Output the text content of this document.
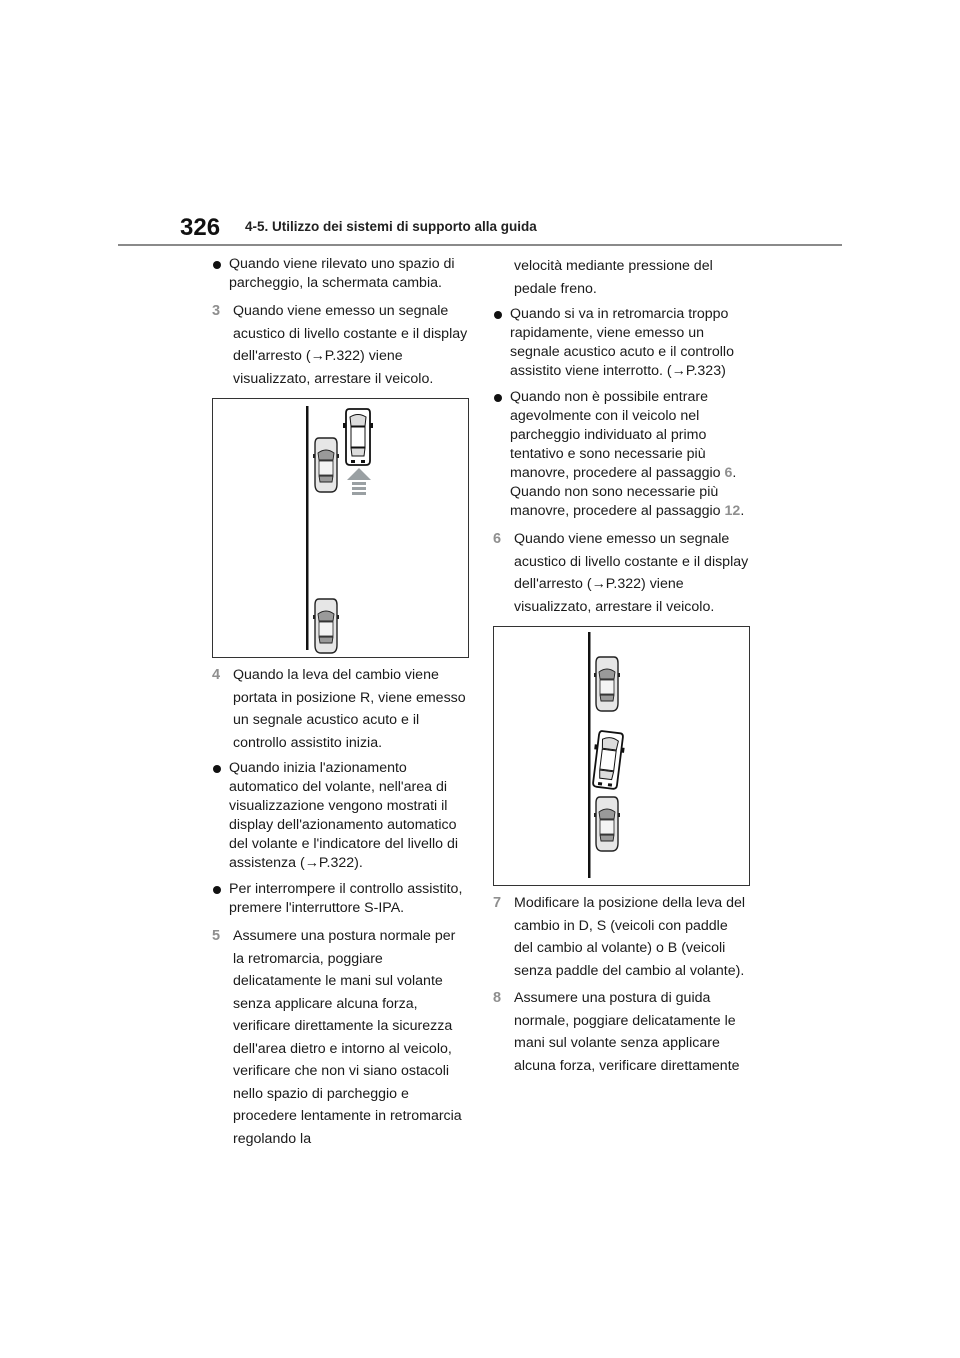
326 4-5. Utilizzo dei sistemi di supporto alla guida
Quando viene rilevato uno spazio di parcheggio, la schermata cambia.
3 Quando viene emesso un segnale acustico di livello costante e il display dell'arresto (→P.322) viene visualizzato, arrestare il veicolo.
4 Quando la leva del cambio viene portata in posizione R, viene emesso un segnale acustico acuto e il controllo assistito inizia.
Quando inizia l'azionamento automatico del volante, nell'area di visualizzazione vengono mostrati il display dell'azionamento automatico del volante e l'indicatore del livello di assistenza (→P.322).
Per interrompere il controllo assistito, premere l'interruttore S-IPA.
5 Assumere una postura normale per la retromarcia, poggiare delicatamente le mani sul volante senza applicare alcuna forza, verificare direttamente la sicurezza dell'area dietro e intorno al veicolo, verificare che non vi siano ostacoli nello spazio di parcheggio e procedere lentamente in retromarcia regolando la
velocità mediante pressione del pedale freno.
Quando si va in retromarcia troppo rapidamente, viene emesso un segnale acustico acuto e il controllo assistito viene interrotto. (→P.323)
Quando non è possibile entrare agevolmente con il veicolo nel parcheggio individuato al primo tentativo e sono necessarie più manovre, procedere al passaggio 6.
Quando non sono necessarie più manovre, procedere al passaggio 12.
6 Quando viene emesso un segnale acustico di livello costante e il display dell'arresto (→P.322) viene visualizzato, arrestare il veicolo.
7 Modificare la posizione della leva del cambio in D, S (veicoli con paddle del cambio al volante) o B (veicoli senza paddle del cambio al volante).
8 Assumere una postura di guida normale, poggiare delicatamente le mani sul volante senza applicare alcuna forza, verificare direttamente
